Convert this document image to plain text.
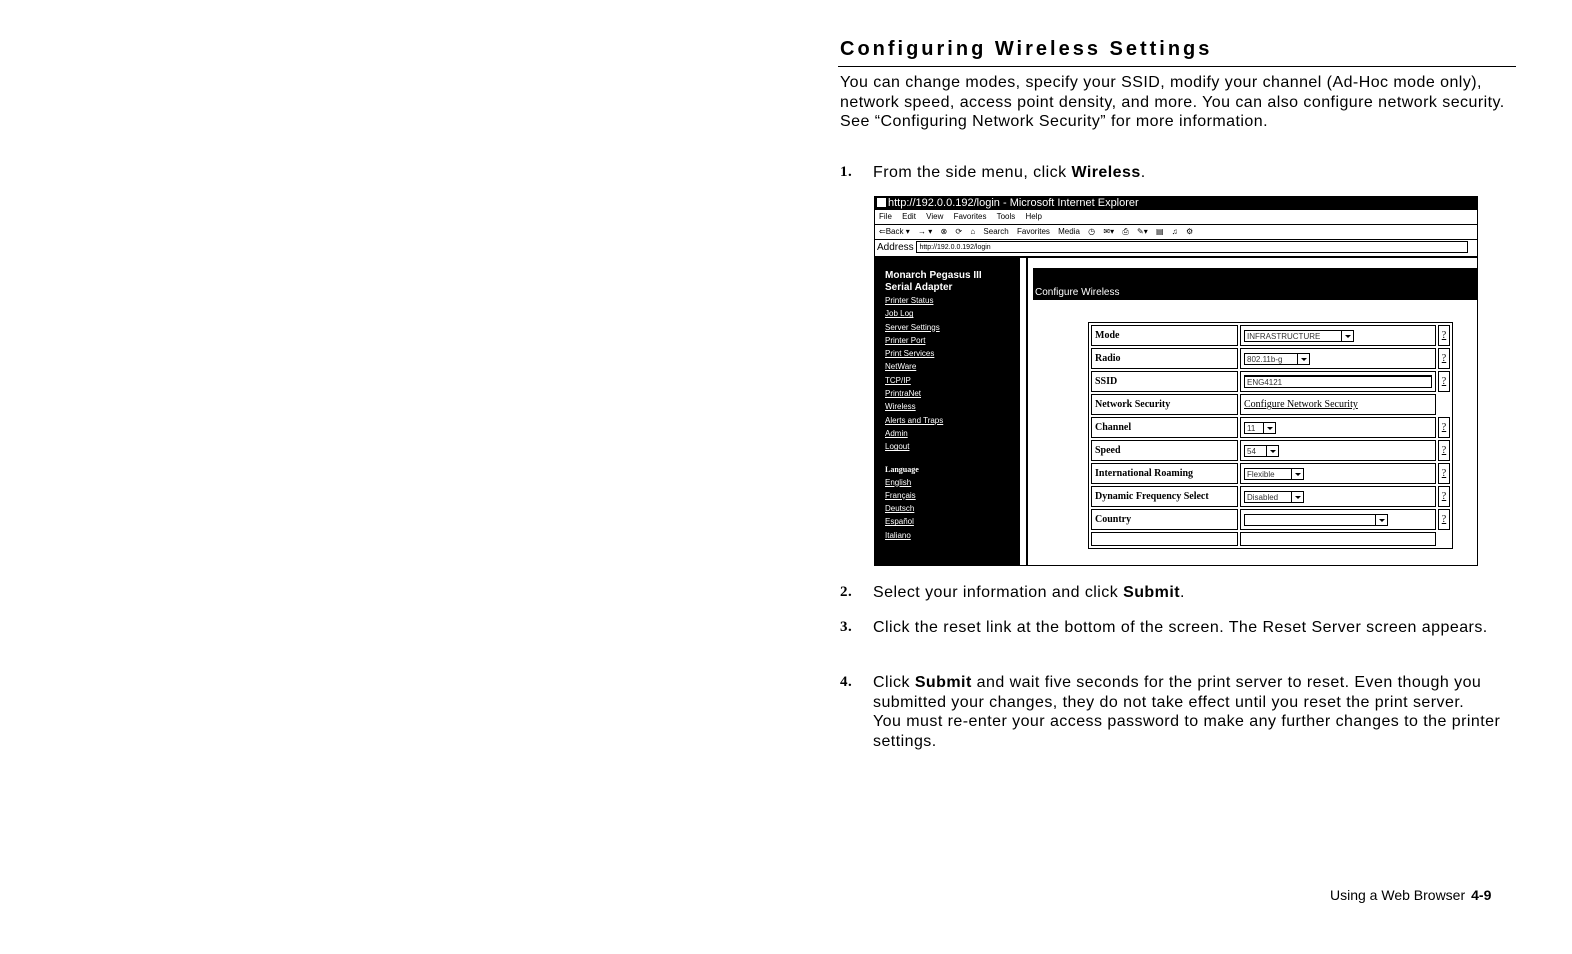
Configuring Wireless Settings

You can change modes, specify your SSID, modify your channel (Ad-Hoc mode only), network speed, access point density, and more. You can also configure network security. See “Configuring Network Security” for more information.

1.	From the side menu, click Wireless.

http://192.0.0.192/login - Microsoft Internet Explorer
File Edit View Favorites Tools Help
⇐Back ▾ → ▾ ⊗ ⟳ ⌂ Search Favorites Media ◷ ✉▾ ⎙ ✎▾ ▤ ♫ ⚙
Address http://192.0.0.192/login
Monarch Pegasus III
Serial Adapter
Printer Status
Job Log
Server Settings
Printer Port
Print Services
NetWare
TCP/IP
PrintraNet
Wireless
Alerts and Traps
Admin
Logout
Language
English
Français
Deutsch
Español
Italiano
Configure Wireless
Mode	INFRASTRUCTURE	?
Radio	802.11b-g	?
SSID	ENG4121	?
Network Security	Configure Network Security	
Channel	11	?
Speed	54	?
International Roaming	Flexible	?
Dynamic Frequency Select	Disabled	?
Country		?

2.	Select your information and click Submit.

3.	Click the reset link at the bottom of the screen. The Reset Server screen appears.

4.	Click Submit and wait five seconds for the print server to reset. Even though you submitted your changes, they do not take effect until you reset the print server.

You must re-enter your access password to make any further changes to the printer settings.

Using a Web Browser 4-9
